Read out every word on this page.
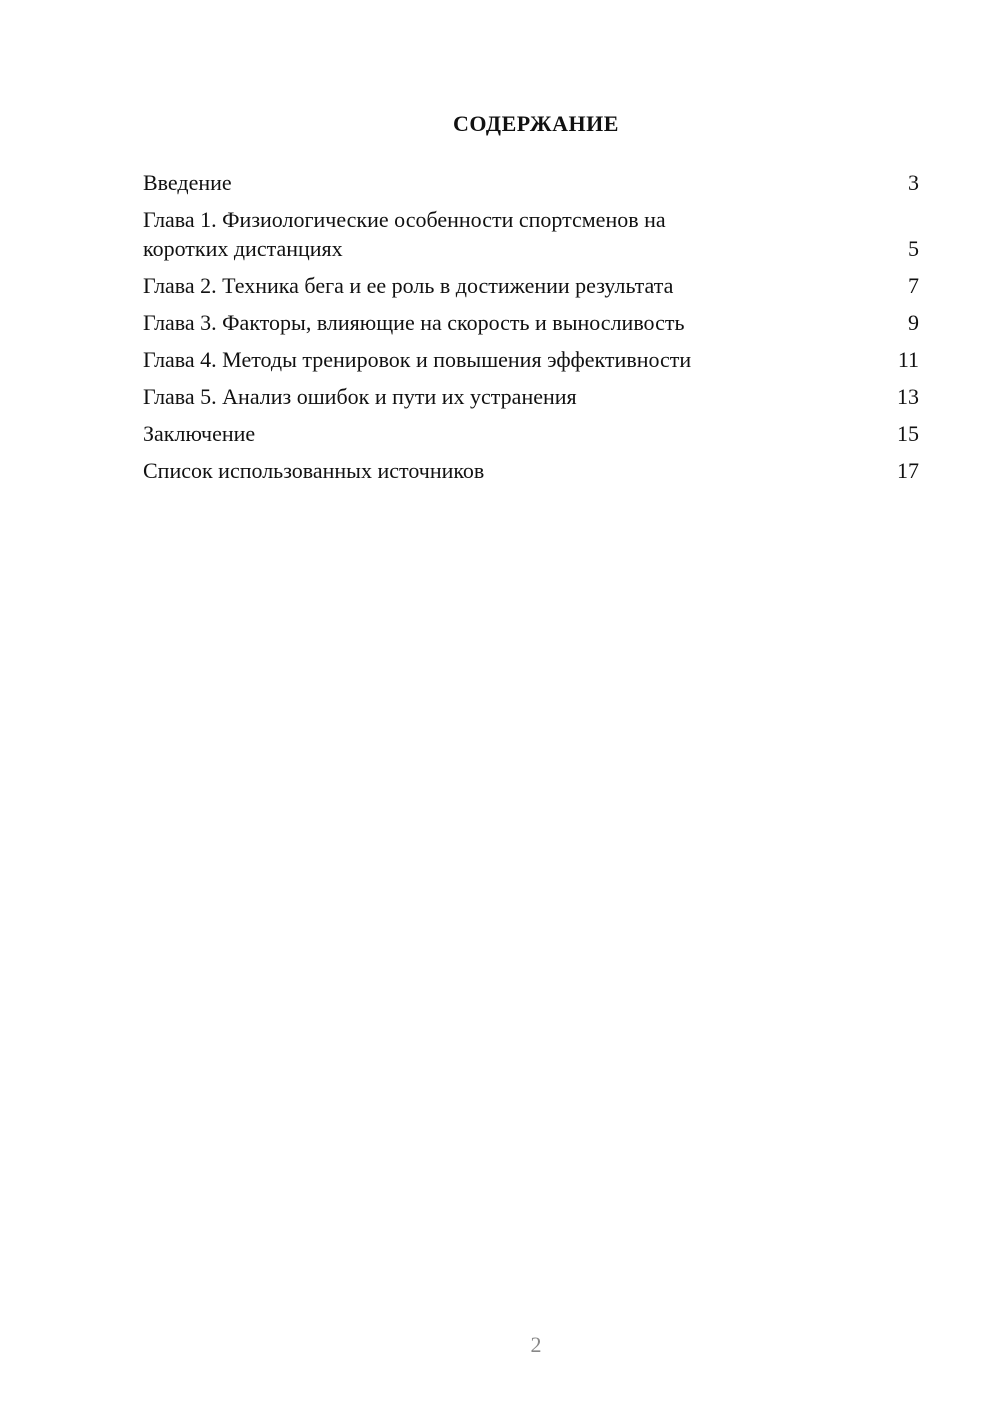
СОДЕРЖАНИЕ
Введение	3
Глава 1. Физиологические особенности спортсменов на коротких дистанциях	5
Глава 2. Техника бега и ее роль в достижении результата	7
Глава 3. Факторы, влияющие на скорость и выносливость	9
Глава 4. Методы тренировок и повышения эффективности	11
Глава 5. Анализ ошибок и пути их устранения	13
Заключение	15
Список использованных источников	17
2
